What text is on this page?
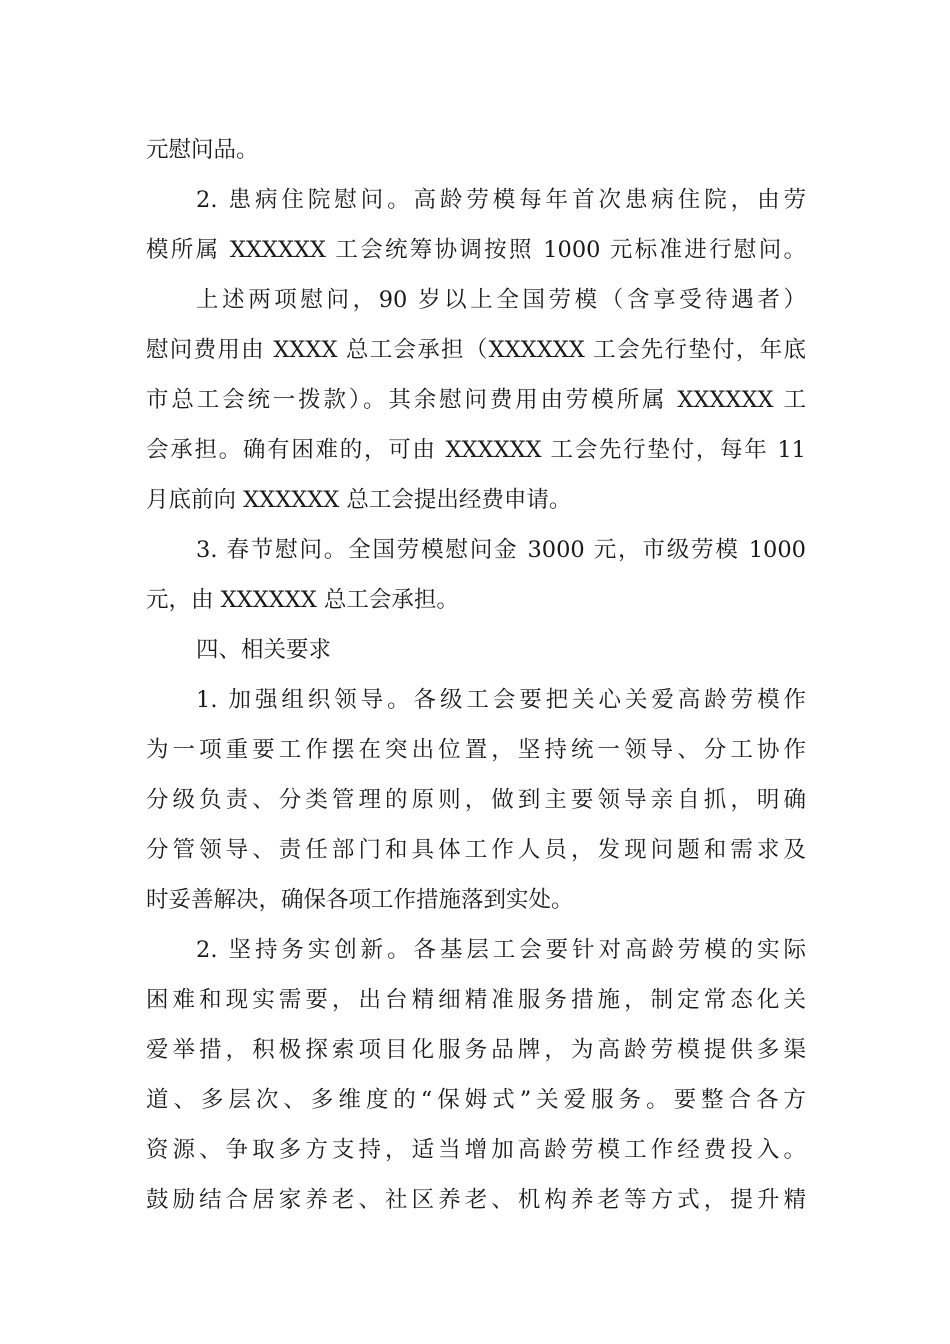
元慰问品。
2. 患病住院慰问。高龄劳模每年首次患病住院，由劳
模所属 XXXXXX 工会统筹协调按照 1000 元标准进行慰问。
上述两项慰问，90 岁以上全国劳模（含享受待遇者）
慰问费用由 XXXX 总工会承担（XXXXXX 工会先行垫付，年底
市总工会统一拨款）。其余慰问费用由劳模所属 XXXXXX 工
会承担。确有困难的，可由 XXXXXX 工会先行垫付，每年 11
月底前向 XXXXXX 总工会提出经费申请。
3. 春节慰问。全国劳模慰问金 3000 元，市级劳模 1000
元，由 XXXXXX 总工会承担。
四、相关要求
1. 加强组织领导。各级工会要把关心关爱高龄劳模作
为一项重要工作摆在突出位置，坚持统一领导、分工协作
分级负责、分类管理的原则，做到主要领导亲自抓，明确
分管领导、责任部门和具体工作人员，发现问题和需求及
时妥善解决，确保各项工作措施落到实处。
2. 坚持务实创新。各基层工会要针对高龄劳模的实际
困难和现实需要，出台精细精准服务措施，制定常态化关
爱举措，积极探索项目化服务品牌，为高龄劳模提供多渠
道、多层次、多维度的“保姆式”关爱服务。要整合各方
资源、争取多方支持，适当增加高龄劳模工作经费投入。
鼓励结合居家养老、社区养老、机构养老等方式，提升精
